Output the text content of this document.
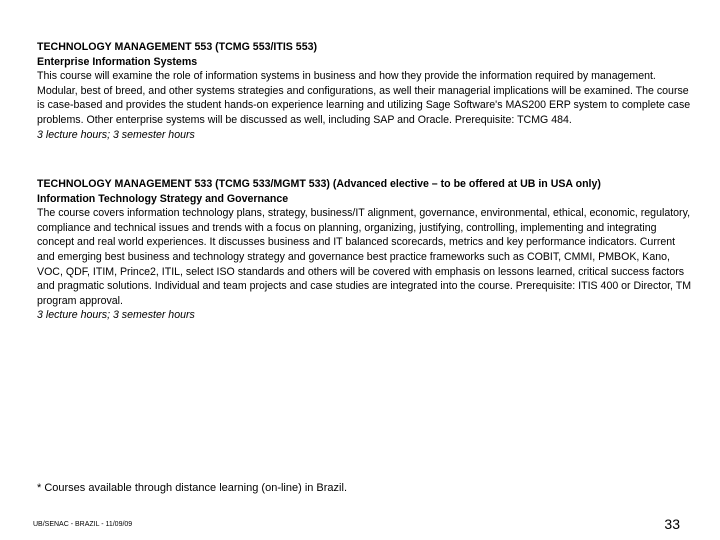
TECHNOLOGY MANAGEMENT 553 (TCMG 553/ITIS 553)
Enterprise Information Systems

This course will examine the role of information systems in business and how they provide the information required by management. Modular, best of breed, and other systems strategies and configurations, as well their managerial implications will be examined. The course is case-based and provides the student hands-on experience learning and utilizing Sage Software's MAS200 ERP system to complete case problems. Other enterprise systems will be discussed as well, including SAP and Oracle. Prerequisite: TCMG 484.

3 lecture hours; 3 semester hours
TECHNOLOGY MANAGEMENT 533 (TCMG 533/MGMT 533) (Advanced elective – to be offered at UB in USA only)
Information Technology Strategy and Governance

The course covers information technology plans, strategy, business/IT alignment, governance, environmental, ethical, economic, regulatory, compliance and technical issues and trends with a focus on planning, organizing, justifying, controlling, implementing and integrating concept and real world experiences. It discusses business and IT balanced scorecards, metrics and key performance indicators. Current and emerging best business and technology strategy and governance best practice frameworks such as COBIT, CMMI, PMBOK, Kano, VOC, QDF, ITIM, Prince2, ITIL, select ISO standards and others will be covered with emphasis on lessons learned, critical success factors and pragmatic solutions. Individual and team projects and case studies are integrated into the course. Prerequisite: ITIS 400 or Director, TM program approval.

3 lecture hours; 3 semester hours
* Courses available through distance learning (on-line) in Brazil.
UB/SENAC - BRAZIL - 11/09/09	33
